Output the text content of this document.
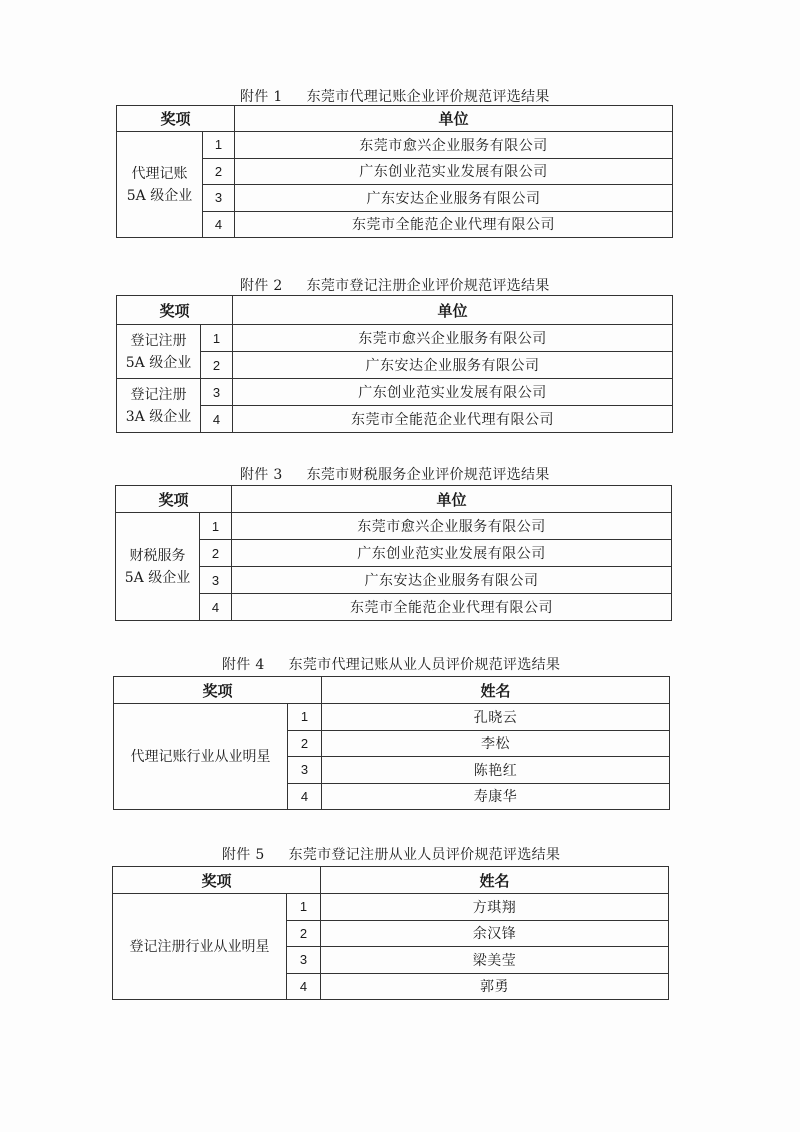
附件 1 东莞市代理记账企业评价规范评选结果
奖项		单位

代理记账
5A 级企业	1	东莞市愈兴企业服务有限公司
	2	广东创业范实业发展有限公司
	3	广东安达企业服务有限公司
	4	东莞市全能范企业代理有限公司
附件 2 东莞市登记注册企业评价规范评选结果
奖项		单位

登记注册
5A 级企业	1	东莞市愈兴企业服务有限公司
	2	广东安达企业服务有限公司

登记注册
3A 级企业	3	广东创业范实业发展有限公司
	4	东莞市全能范企业代理有限公司
附件 3 东莞市财税服务企业评价规范评选结果
奖项		单位

财税服务
5A 级企业	1	东莞市愈兴企业服务有限公司
	2	广东创业范实业发展有限公司
	3	广东安达企业服务有限公司
	4	东莞市全能范企业代理有限公司
附件 4 东莞市代理记账从业人员评价规范评选结果
奖项		姓名

代理记账行业从业明星	1	孔晓云
	2	李松
	3	陈艳红
	4	寿康华
附件 5 东莞市登记注册从业人员评价规范评选结果
奖项		姓名

登记注册行业从业明星	1	方琪翔
	2	余汉锋
	3	梁美莹
	4	郭勇
